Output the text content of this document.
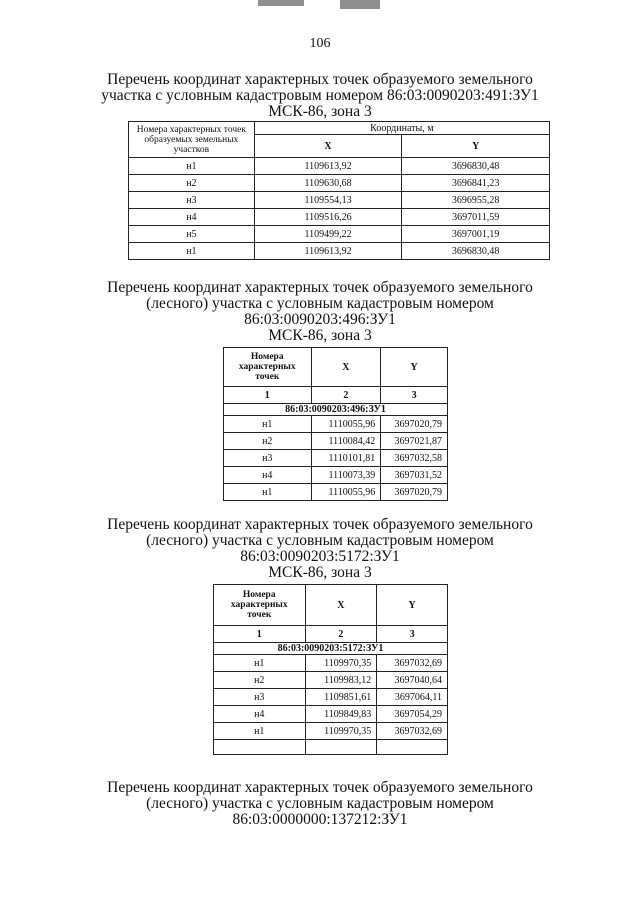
106
Перечень координат характерных точек образуемого земельного
участка с условным кадастровым номером 86:03:0090203:491:ЗУ1
МСК-86, зона 3
Номера характерных точек образуемых земельных участков	Координаты, м	
	X	Y
н1	1109613,92	3696830,48
н2	1109630,68	3696841,23
н3	1109554,13	3696955,28
н4	1109516,26	3697011,59
н5	1109499,22	3697001,19
н1	1109613,92	3696830,48
Перечень координат характерных точек образуемого земельного
(лесного) участка с условным кадастровым номером
86:03:0090203:496:ЗУ1
МСК-86, зона 3
Номера характерных точек	X	Y
1	2	3
86:03:0090203:496:ЗУ1		
н1	1110055,96	3697020,79
н2	1110084,42	3697021,87
н3	1110101,81	3697032,58
н4	1110073,39	3697031,52
н1	1110055,96	3697020,79
Перечень координат характерных точек образуемого земельного
(лесного) участка с условным кадастровым номером
86:03:0090203:5172:ЗУ1
МСК-86, зона 3
Номера характерных точек	X	Y
1	2	3
86:03:0090203:5172:ЗУ1		
н1	1109970,35	3697032,69
н2	1109983,12	3697040,64
н3	1109851,61	3697064,11
н4	1109849,83	3697054,29
н1	1109970,35	3697032,69

Перечень координат характерных точек образуемого земельного
(лесного) участка с условным кадастровым номером
86:03:0000000:137212:ЗУ1
